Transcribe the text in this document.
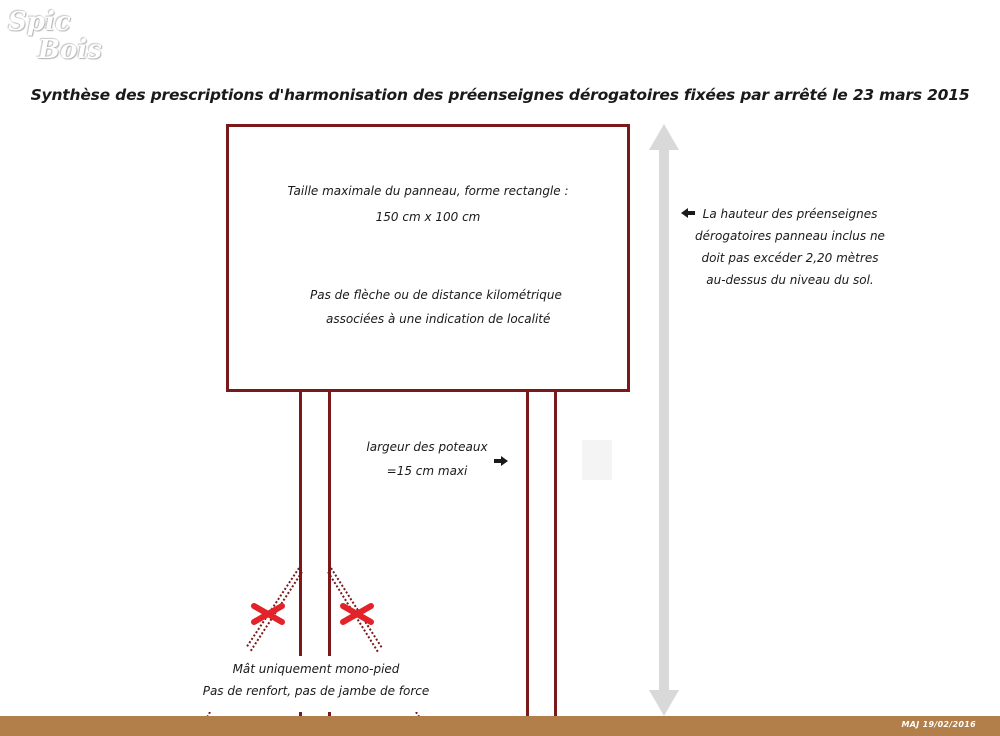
Spic
Bois
Synthèse des prescriptions d'harmonisation des préenseignes dérogatoires fixées par arrêté le 23 mars 2015
Taille maximale du panneau, forme rectangle :
150 cm x 100 cm
Pas de flèche ou de distance kilométrique
associées à une indication de localité
La hauteur des préenseignes
dérogatoires panneau inclus ne
doit pas excéder 2,20 mètres
au-dessus du niveau du sol.
largeur des poteaux
=15 cm maxi
Mât uniquement mono-pied
Pas de renfort, pas de jambe de force
MAJ 19/02/2016
